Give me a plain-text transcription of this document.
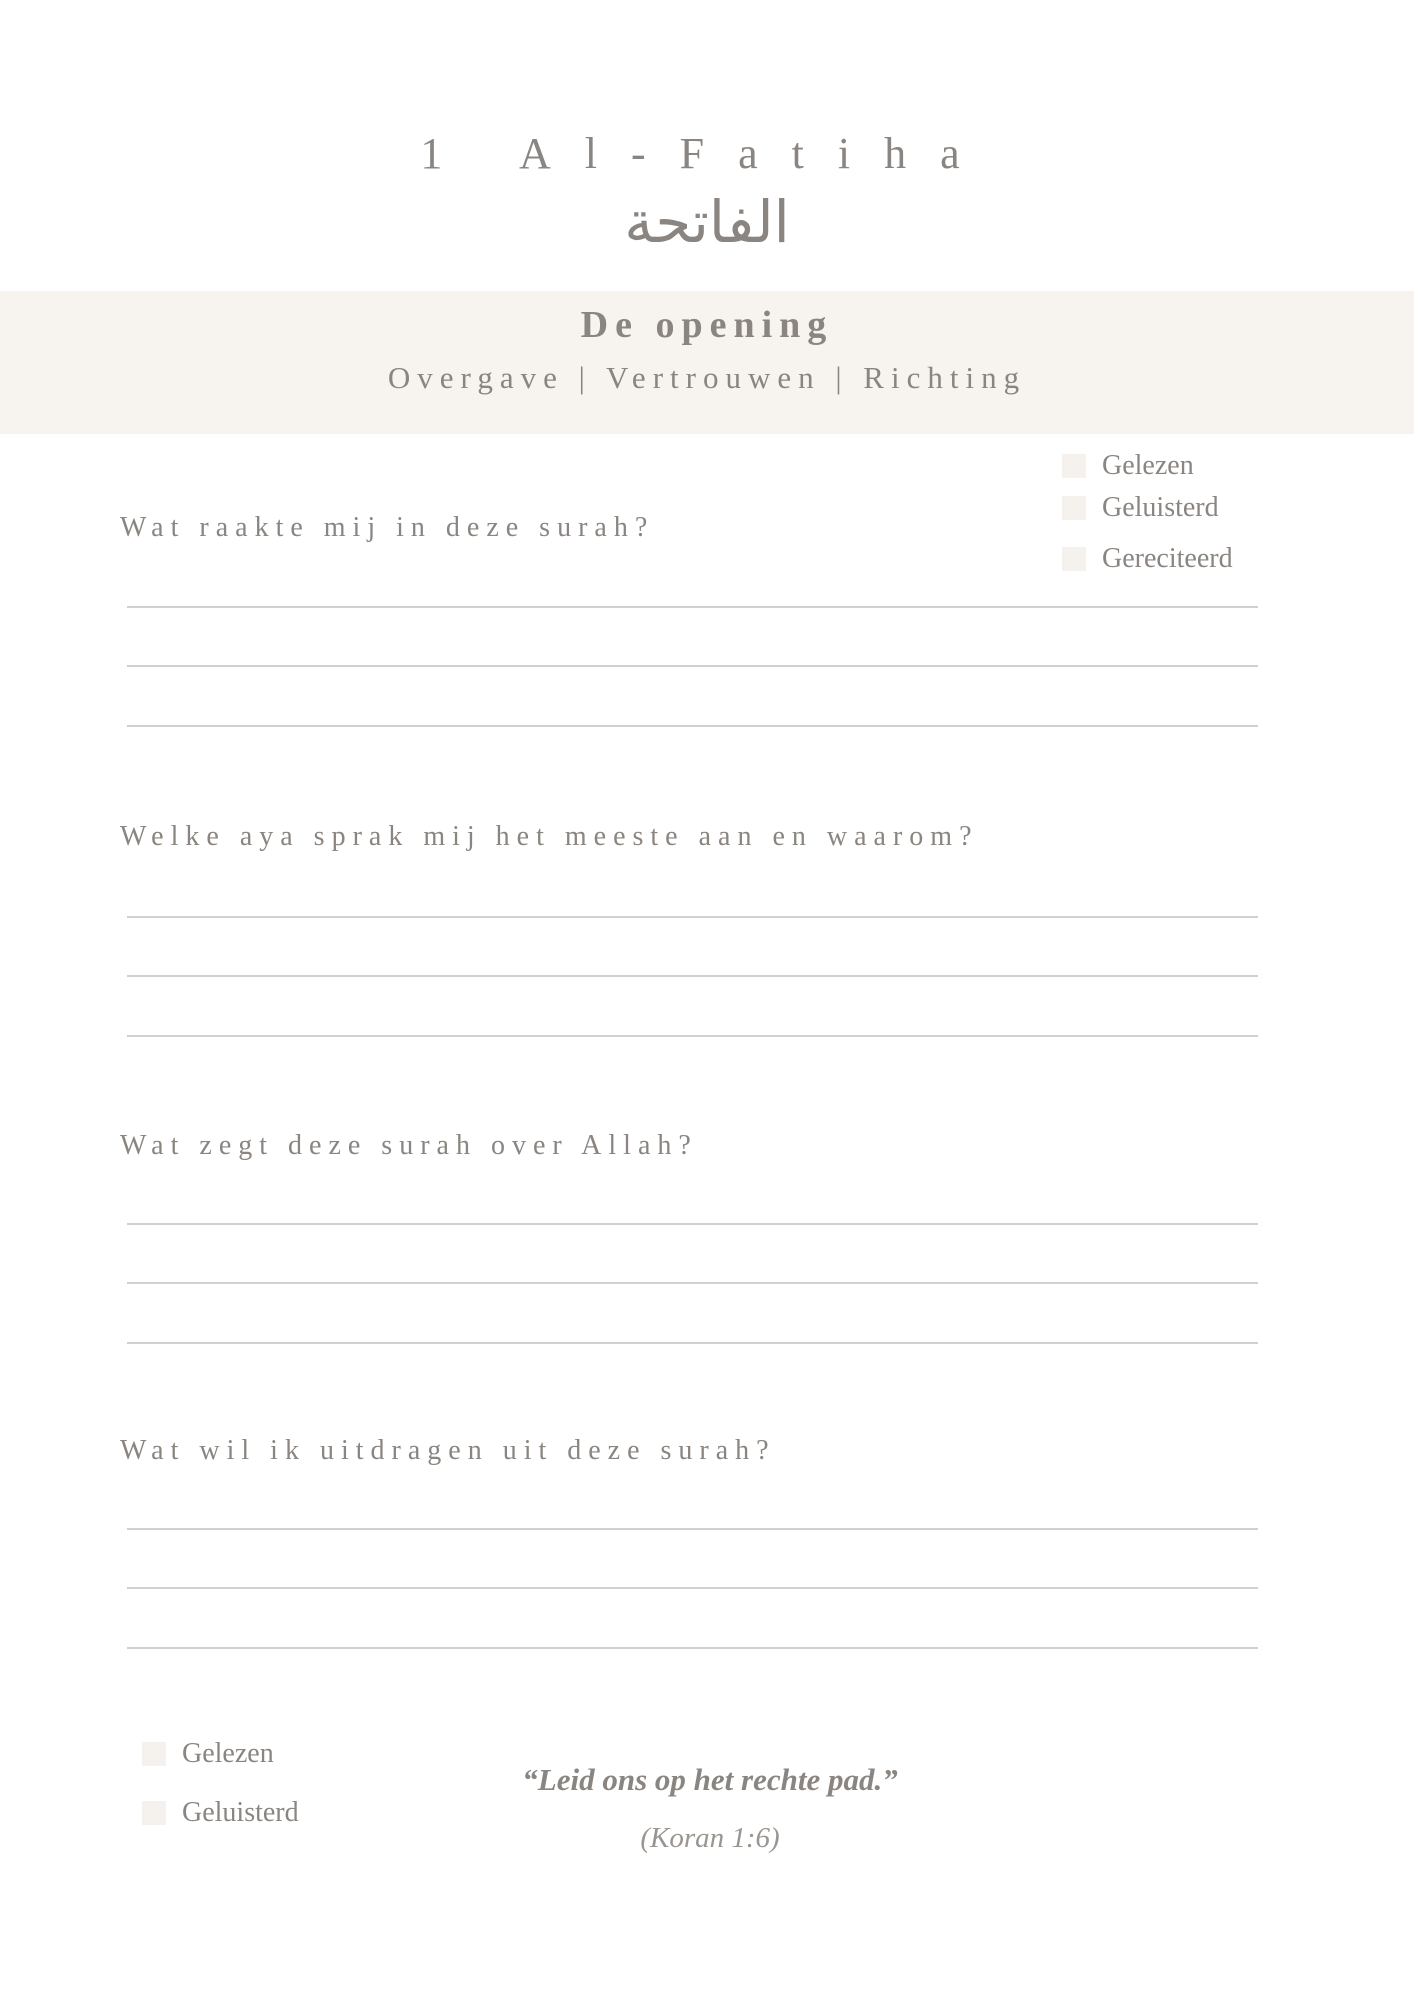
1 Al-Fatiha
الفاتحة
De opening
Overgave | Vertrouwen | Richting
Gelezen
Geluisterd
Gereciteerd
Wat raakte mij in deze surah?
Welke aya sprak mij het meeste aan en waarom?
Wat zegt deze surah over Allah?
Wat wil ik uitdragen uit deze surah?
Gelezen
Geluisterd
“Leid ons op het rechte pad.”
(Koran 1:6)
